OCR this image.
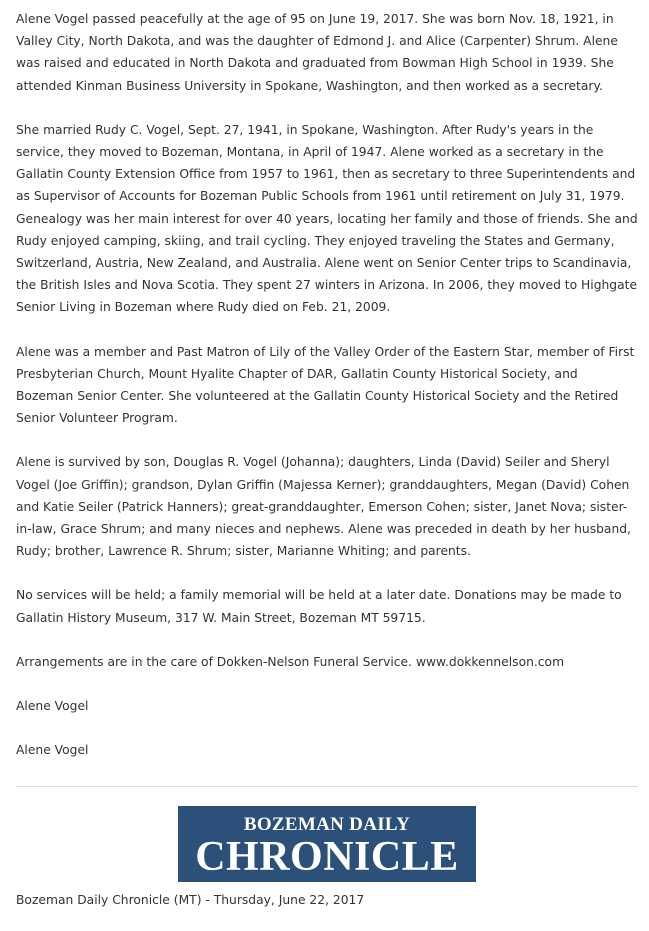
Alene Vogel passed peacefully at the age of 95 on June 19, 2017. She was born Nov. 18, 1921, in Valley City, North Dakota, and was the daughter of Edmond J. and Alice (Carpenter) Shrum. Alene was raised and educated in North Dakota and graduated from Bowman High School in 1939. She attended Kinman Business University in Spokane, Washington, and then worked as a secretary.

She married Rudy C. Vogel, Sept. 27, 1941, in Spokane, Washington. After Rudy's years in the service, they moved to Bozeman, Montana, in April of 1947. Alene worked as a secretary in the Gallatin County Extension Office from 1957 to 1961, then as secretary to three Superintendents and as Supervisor of Accounts for Bozeman Public Schools from 1961 until retirement on July 31, 1979. Genealogy was her main interest for over 40 years, locating her family and those of friends. She and Rudy enjoyed camping, skiing, and trail cycling. They enjoyed traveling the States and Germany, Switzerland, Austria, New Zealand, and Australia. Alene went on Senior Center trips to Scandinavia, the British Isles and Nova Scotia. They spent 27 winters in Arizona. In 2006, they moved to Highgate Senior Living in Bozeman where Rudy died on Feb. 21, 2009.

Alene was a member and Past Matron of Lily of the Valley Order of the Eastern Star, member of First Presbyterian Church, Mount Hyalite Chapter of DAR, Gallatin County Historical Society, and Bozeman Senior Center. She volunteered at the Gallatin County Historical Society and the Retired Senior Volunteer Program.

Alene is survived by son, Douglas R. Vogel (Johanna); daughters, Linda (David) Seiler and Sheryl Vogel (Joe Griffin); grandson, Dylan Griffin (Majessa Kerner); granddaughters, Megan (David) Cohen and Katie Seiler (Patrick Hanners); great-granddaughter, Emerson Cohen; sister, Janet Nova; sister-in-law, Grace Shrum; and many nieces and nephews. Alene was preceded in death by her husband, Rudy; brother, Lawrence R. Shrum; sister, Marianne Whiting; and parents.

No services will be held; a family memorial will be held at a later date. Donations may be made to Gallatin History Museum, 317 W. Main Street, Bozeman MT 59715.

Arrangements are in the care of Dokken-Nelson Funeral Service. www.dokkennelson.com

Alene Vogel

Alene Vogel

BOZEMAN DAILY
CHRONICLE

Bozeman Daily Chronicle (MT) - Thursday, June 22, 2017
